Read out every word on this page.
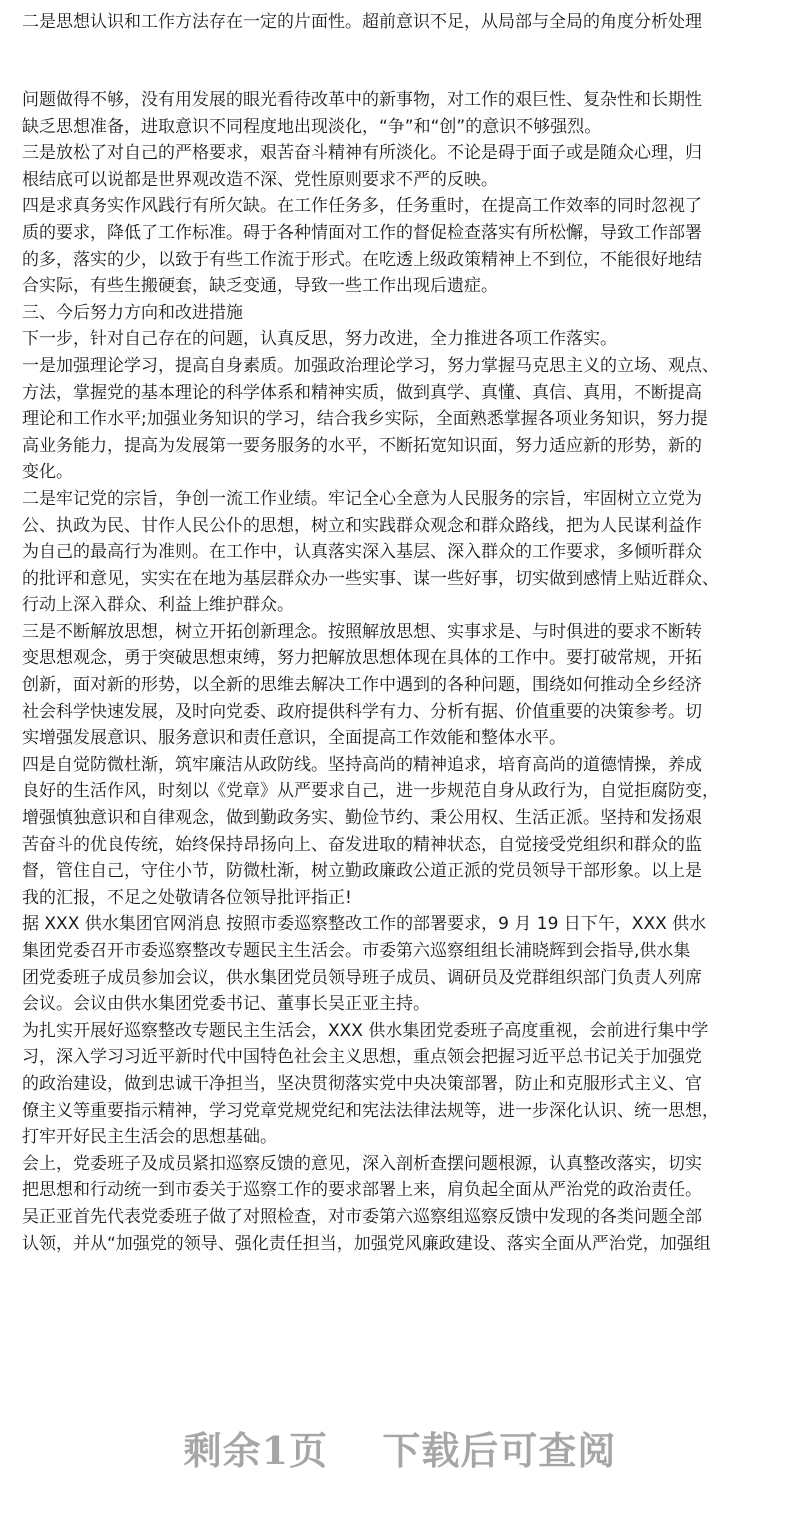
二是思想认识和工作方法存在一定的片面性。超前意识不足，从局部与全局的角度分析处理
问题做得不够，没有用发展的眼光看待改革中的新事物，对工作的艰巨性、复杂性和长期性
缺乏思想准备，进取意识不同程度地出现淡化，“争”和“创”的意识不够强烈。
三是放松了对自己的严格要求，艰苦奋斗精神有所淡化。不论是碍于面子或是随众心理，归
根结底可以说都是世界观改造不深、党性原则要求不严的反映。
四是求真务实作风践行有所欠缺。在工作任务多，任务重时，在提高工作效率的同时忽视了
质的要求，降低了工作标准。碍于各种情面对工作的督促检查落实有所松懈，导致工作部署
的多，落实的少，以致于有些工作流于形式。在吃透上级政策精神上不到位，不能很好地结
合实际，有些生搬硬套，缺乏变通，导致一些工作出现后遗症。
三、今后努力方向和改进措施
下一步，针对自己存在的问题，认真反思，努力改进，全力推进各项工作落实。
一是加强理论学习，提高自身素质。加强政治理论学习，努力掌握马克思主义的立场、观点、
方法，掌握党的基本理论的科学体系和精神实质，做到真学、真懂、真信、真用，不断提高
理论和工作水平;加强业务知识的学习，结合我乡实际，全面熟悉掌握各项业务知识，努力提
高业务能力，提高为发展第一要务服务的水平，不断拓宽知识面，努力适应新的形势，新的
变化。
二是牢记党的宗旨，争创一流工作业绩。牢记全心全意为人民服务的宗旨，牢固树立立党为
公、执政为民、甘作人民公仆的思想，树立和实践群众观念和群众路线，把为人民谋利益作
为自己的最高行为准则。在工作中，认真落实深入基层、深入群众的工作要求，多倾听群众
的批评和意见，实实在在地为基层群众办一些实事、谋一些好事，切实做到感情上贴近群众、
行动上深入群众、利益上维护群众。
三是不断解放思想，树立开拓创新理念。按照解放思想、实事求是、与时俱进的要求不断转
变思想观念，勇于突破思想束缚，努力把解放思想体现在具体的工作中。要打破常规，开拓
创新，面对新的形势，以全新的思维去解决工作中遇到的各种问题，围绕如何推动全乡经济
社会科学快速发展，及时向党委、政府提供科学有力、分析有据、价值重要的决策参考。切
实增强发展意识、服务意识和责任意识，全面提高工作效能和整体水平。
四是自觉防微杜渐，筑牢廉洁从政防线。坚持高尚的精神追求，培育高尚的道德情操，养成
良好的生活作风，时刻以《党章》从严要求自己，进一步规范自身从政行为，自觉拒腐防变，
增强慎独意识和自律观念，做到勤政务实、勤俭节约、秉公用权、生活正派。坚持和发扬艰
苦奋斗的优良传统，始终保持昂扬向上、奋发进取的精神状态，自觉接受党组织和群众的监
督，管住自己，守住小节，防微杜渐，树立勤政廉政公道正派的党员领导干部形象。以上是
我的汇报，不足之处敬请各位领导批评指正!
据 XXX 供水集团官网消息 按照市委巡察整改工作的部署要求，9 月 19 日下午，XXX 供水
集团党委召开市委巡察整改专题民主生活会。市委第六巡察组组长浦晓辉到会指导,供水集
团党委班子成员参加会议，供水集团党员领导班子成员、调研员及党群组织部门负责人列席
会议。会议由供水集团党委书记、董事长吴正亚主持。
为扎实开展好巡察整改专题民主生活会，XXX 供水集团党委班子高度重视，会前进行集中学
习，深入学习习近平新时代中国特色社会主义思想，重点领会把握习近平总书记关于加强党
的政治建设，做到忠诚干净担当，坚决贯彻落实党中央决策部署，防止和克服形式主义、官
僚主义等重要指示精神，学习党章党规党纪和宪法法律法规等，进一步深化认识、统一思想，
打牢开好民主生活会的思想基础。
会上，党委班子及成员紧扣巡察反馈的意见，深入剖析查摆问题根源，认真整改落实，切实
把思想和行动统一到市委关于巡察工作的要求部署上来，肩负起全面从严治党的政治责任。
吴正亚首先代表党委班子做了对照检查，对市委第六巡察组巡察反馈中发现的各类问题全部
认领，并从“加强党的领导、强化责任担当，加强党风廉政建设、落实全面从严治党，加强组
剩余1页 下载后可查阅
